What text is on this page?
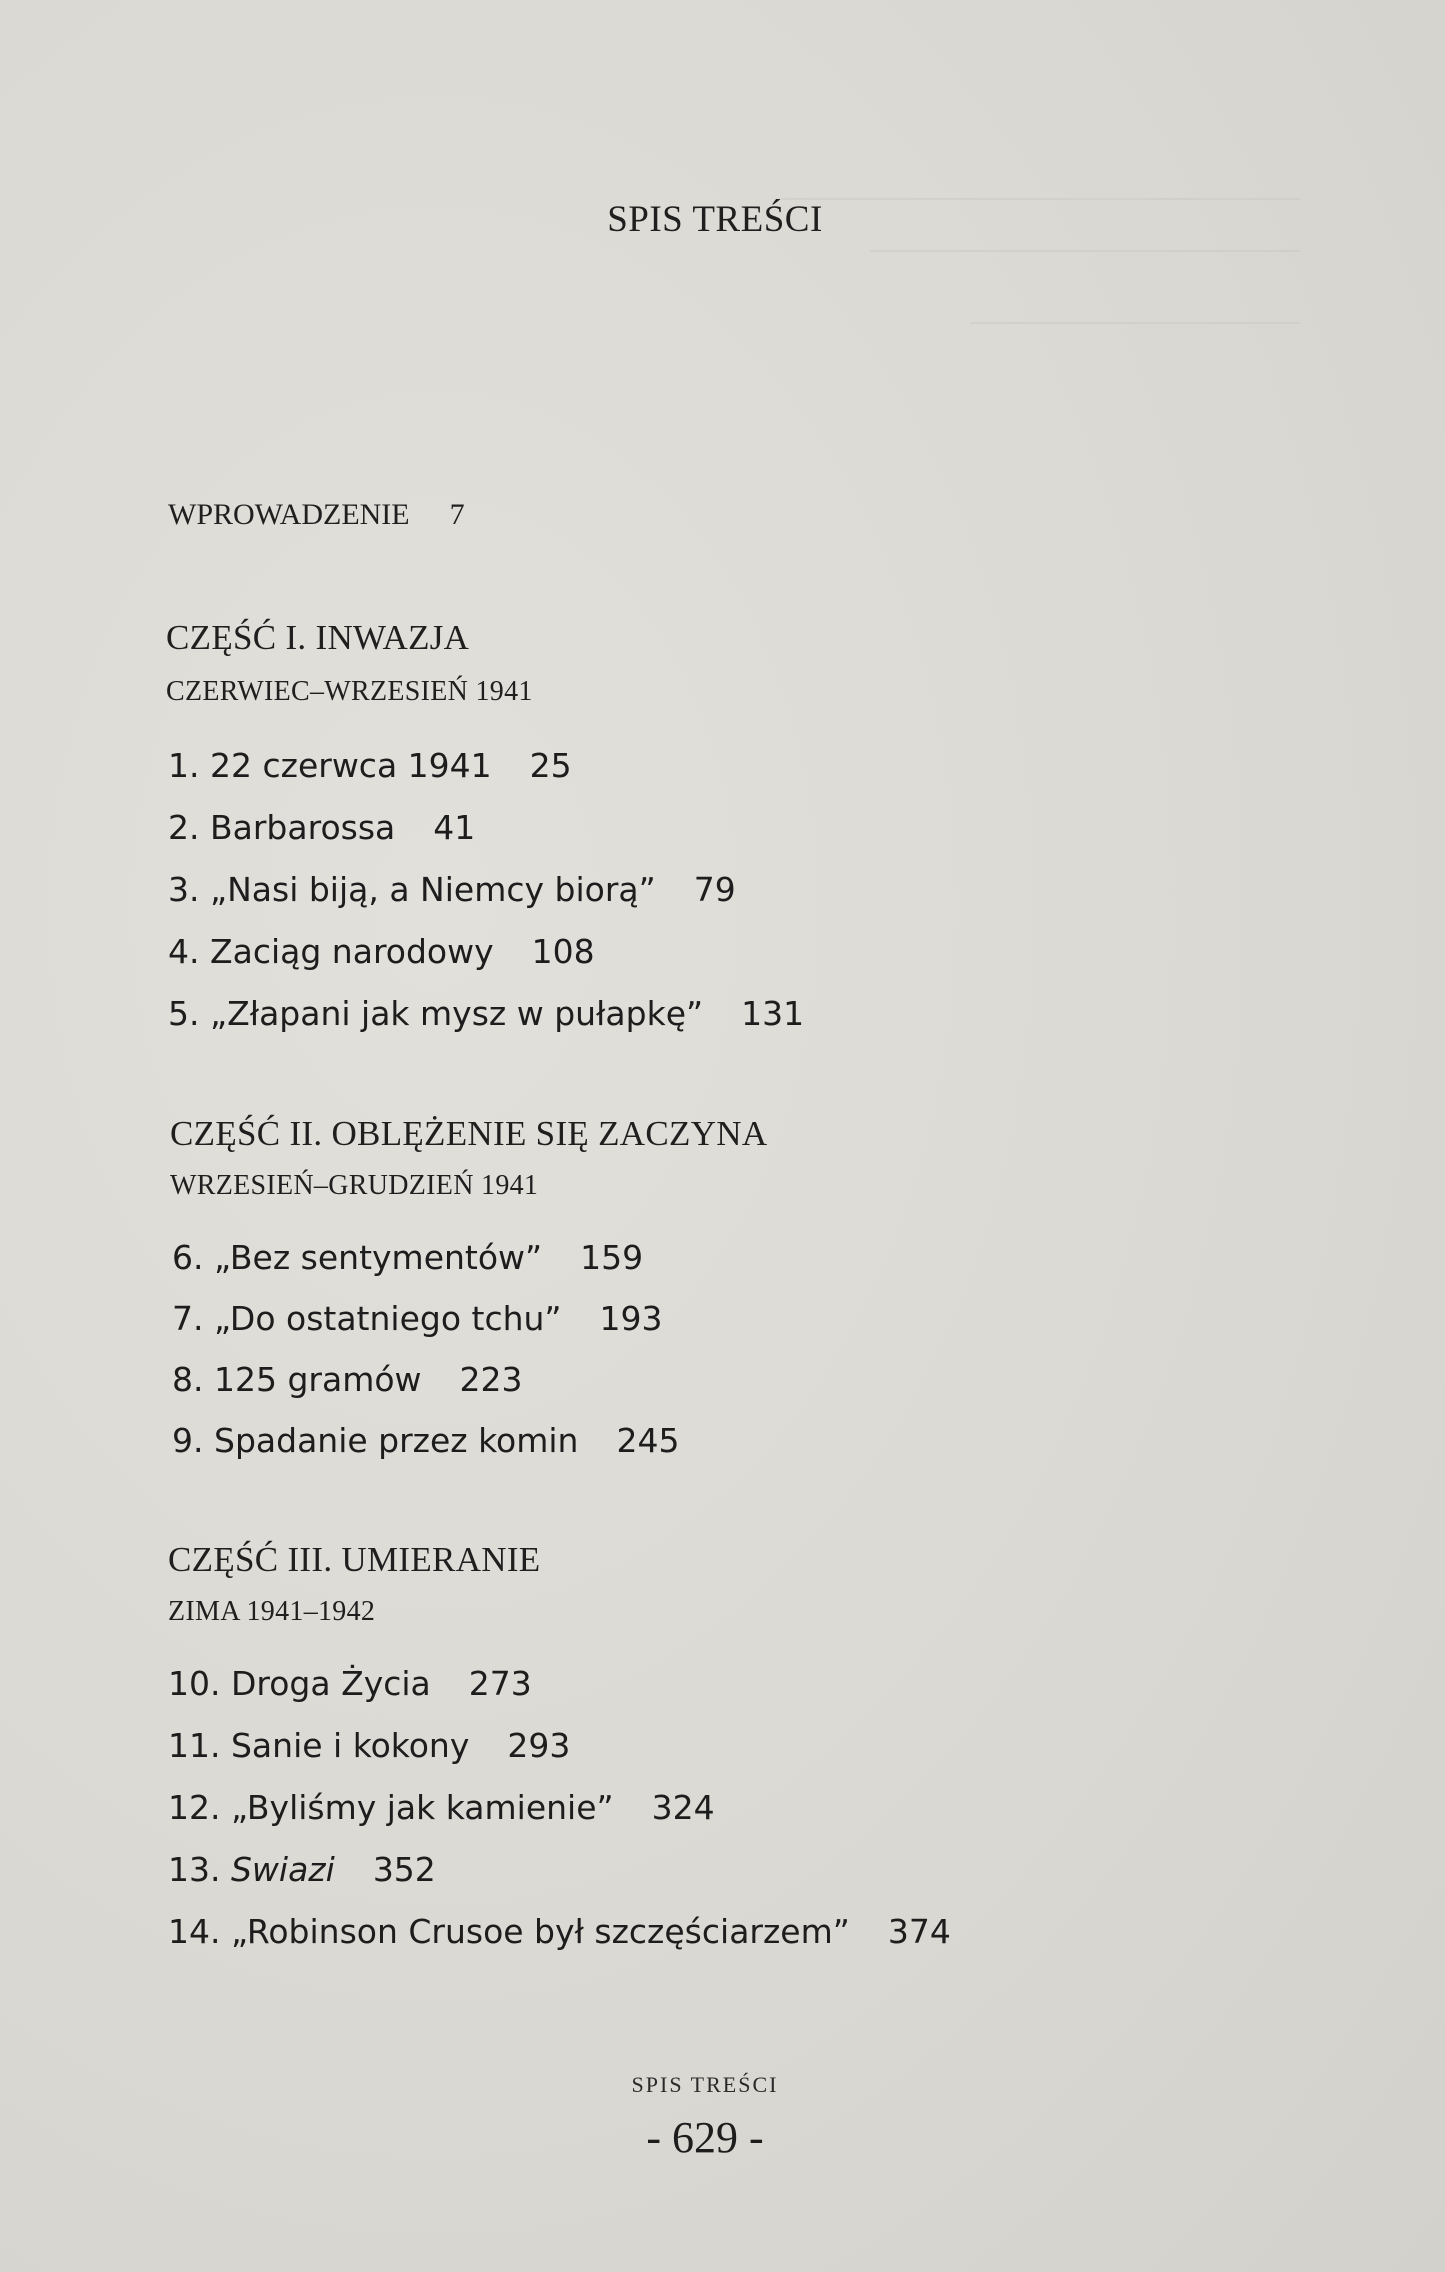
SPIS TREŚCI
WPROWADZENIE 7
CZĘŚĆ I. INWAZJA
CZERWIEC–WRZESIEŃ 1941
1. 22 czerwca 1941 25
2. Barbarossa 41
3. „Nasi biją, a Niemcy biorą” 79
4. Zaciąg narodowy 108
5. „Złapani jak mysz w pułapkę” 131
CZĘŚĆ II. OBLĘŻENIE SIĘ ZACZYNA
WRZESIEŃ–GRUDZIEŃ 1941
6. „Bez sentymentów” 159
7. „Do ostatniego tchu” 193
8. 125 gramów 223
9. Spadanie przez komin 245
CZĘŚĆ III. UMIERANIE
ZIMA 1941–1942
10. Droga Życia 273
11. Sanie i kokony 293
12. „Byliśmy jak kamienie” 324
13. Swiazi 352
14. „Robinson Crusoe był szczęściarzem” 374
SPIS TREŚCI
- 629 -
